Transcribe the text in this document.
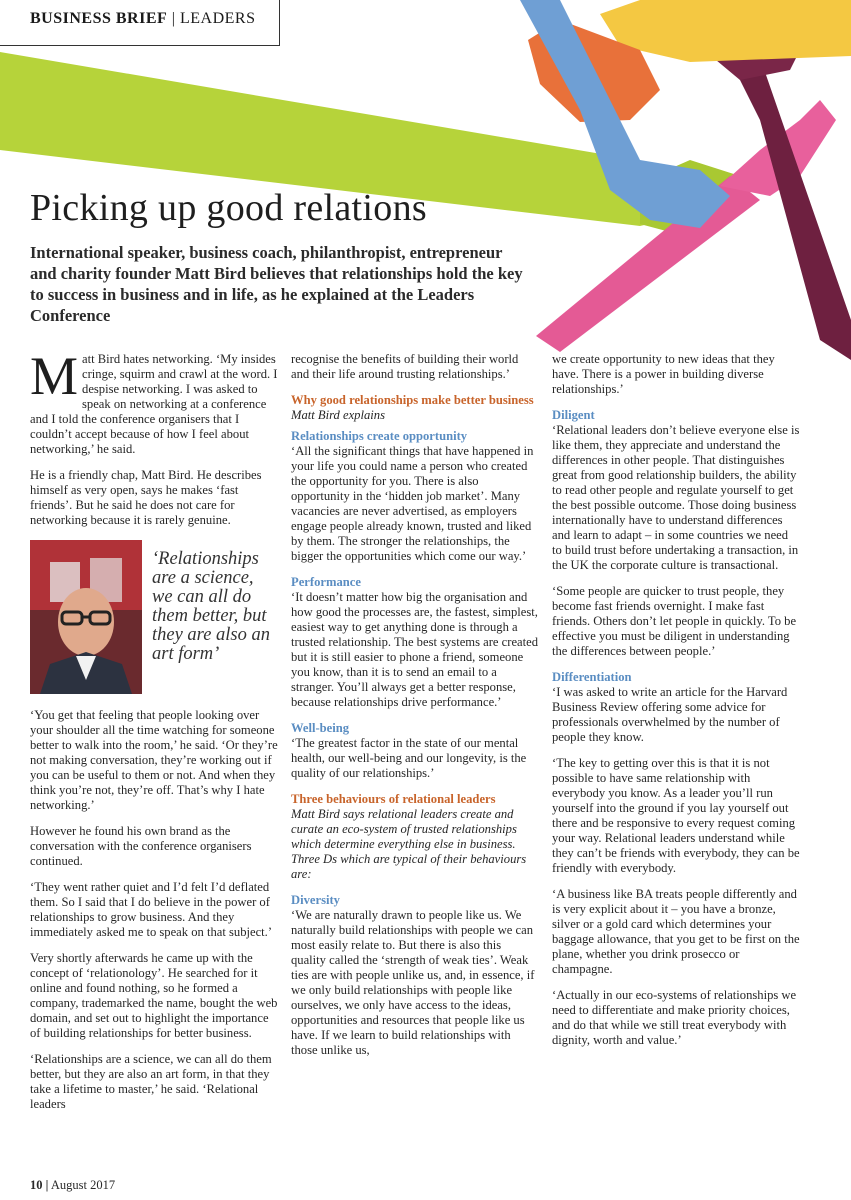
BUSINESS BRIEF | LEADERS
Picking up good relations

International speaker, business coach, philanthropist, entrepreneur and charity founder Matt Bird believes that relationships hold the key to success in business and in life, as he explained at the Leaders Conference

Matt Bird hates networking. ‘My insides cringe, squirm and crawl at the word. I despise networking. I was asked to speak on networking at a conference and I told the conference organisers that I couldn’t accept because of how I feel about networking,’ he said.

He is a friendly chap, Matt Bird. He describes himself as very open, says he makes ‘fast friends’. But he said he does not care for networking because it is rarely genuine.

‘Relationships are a science, we can all do them better, but they are also an art form’

‘You get that feeling that people looking over your shoulder all the time watching for someone better to walk into the room,’ he said. ‘Or they’re not making conversation, they’re working out if you can be useful to them or not. And when they think you’re not, they’re off. That’s why I hate networking.’

However he found his own brand as the conversation with the conference organisers continued.

‘They went rather quiet and I’d felt I’d deflated them. So I said that I do believe in the power of relationships to grow business. And they immediately asked me to speak on that subject.’

Very shortly afterwards he came up with the concept of ‘relationology’. He searched for it online and found nothing, so he formed a company, trademarked the name, bought the web domain, and set out to highlight the importance of building relationships for better business.

‘Relationships are a science, we can all do them better, but they are also an art form, in that they take a lifetime to master,’ he said. ‘Relational leaders

recognise the benefits of building their world and their life around trusting relationships.’

Why good relationships make better business

Matt Bird explains

Relationships create opportunity

‘All the significant things that have happened in your life you could name a person who created the opportunity for you. There is also opportunity in the ‘hidden job market’. Many vacancies are never advertised, as employers engage people already known, trusted and liked by them. The stronger the relationships, the bigger the opportunities which come our way.’

Performance

‘It doesn’t matter how big the organisation and how good the processes are, the fastest, simplest, easiest way to get anything done is through a trusted relationship. The best systems are created but it is still easier to phone a friend, someone you know, than it is to send an email to a stranger. You’ll always get a better response, because relationships drive performance.’

Well-being

‘The greatest factor in the state of our mental health, our well-being and our longevity, is the quality of our relationships.’

Three behaviours of relational leaders

Matt Bird says relational leaders create and curate an eco-system of trusted relationships which determine everything else in business. Three Ds which are typical of their behaviours are:

Diversity

‘We are naturally drawn to people like us. We naturally build relationships with people we can most easily relate to. But there is also this quality called the ‘strength of weak ties’. Weak ties are with people unlike us, and, in essence, if we only build relationships with people like ourselves, we only have access to the ideas, opportunities and resources that people like us have. If we learn to build relationships with those unlike us,

we create opportunity to new ideas that they have. There is a power in building diverse relationships.’

Diligent

‘Relational leaders don’t believe everyone else is like them, they appreciate and understand the differences in other people. That distinguishes great from good relationship builders, the ability to read other people and regulate yourself to get the best possible outcome. Those doing business internationally have to understand differences and learn to adapt – in some countries we need to build trust before undertaking a transaction, in the UK the corporate culture is transactional.

‘Some people are quicker to trust people, they become fast friends overnight. I make fast friends. Others don’t let people in quickly. To be effective you must be diligent in understanding the differences between people.’

Differentiation

‘I was asked to write an article for the Harvard Business Review offering some advice for professionals overwhelmed by the number of people they know.

‘The key to getting over this is that it is not possible to have same relationship with everybody you know. As a leader you’ll run yourself into the ground if you lay yourself out there and be responsive to every request coming your way. Relational leaders understand while they can’t be friends with everybody, they can be friendly with everybody.

‘A business like BA treats people differently and is very explicit about it – you have a bronze, silver or a gold card which determines your baggage allowance, that you get to be first on the plane, whether you drink prosecco or champagne.

‘Actually in our eco-systems of relationships we need to differentiate and make priority choices, and do that while we still treat everybody with dignity, worth and value.’

10 | August 2017
